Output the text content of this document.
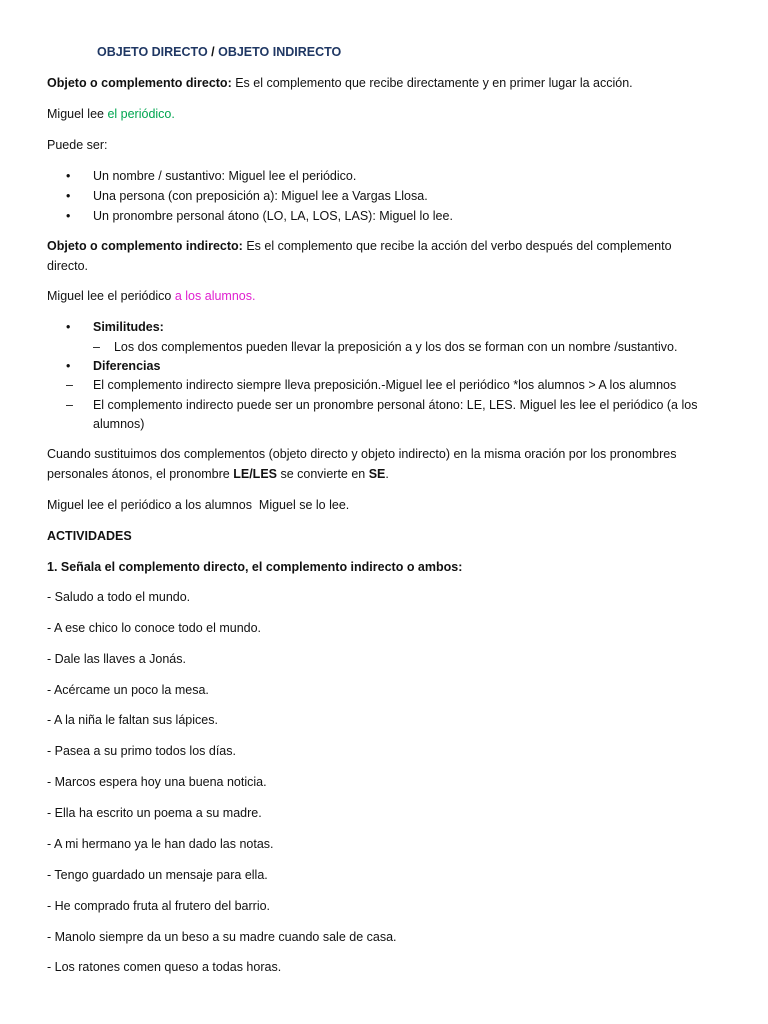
OBJETO DIRECTO / OBJETO INDIRECTO
Objeto o complemento directo: Es el complemento que recibe directamente y en primer lugar la acción.
Miguel lee el periódico.
Puede ser:
• Un nombre / sustantivo: Miguel lee el periódico.
• Una persona (con preposición a): Miguel lee a Vargas Llosa.
• Un pronombre personal átono (LO, LA, LOS, LAS): Miguel lo lee.
Objeto o complemento indirecto: Es el complemento que recibe la acción del verbo después del complemento
directo.
Miguel lee el periódico a los alumnos.
• Similitudes:
– Los dos complementos pueden llevar la preposición a y los dos se forman con un nombre /sustantivo.
• Diferencias
– El complemento indirecto siempre lleva preposición.-Miguel lee el periódico *los alumnos > A los alumnos
– El complemento indirecto puede ser un pronombre personal átono: LE, LES. Miguel les lee el periódico (a los
alumnos)
Cuando sustituimos dos complementos (objeto directo y objeto indirecto) en la misma oración por los pronombres
personales átonos, el pronombre LE/LES se convierte en SE.
Miguel lee el periódico a los alumnos  Miguel se lo lee.
ACTIVIDADES
1. Señala el complemento directo, el complemento indirecto o ambos:
- Saludo a todo el mundo.
- A ese chico lo conoce todo el mundo.
- Dale las llaves a Jonás.
- Acércame un poco la mesa.
- A la niña le faltan sus lápices.
- Pasea a su primo todos los días.
- Marcos espera hoy una buena noticia.
- Ella ha escrito un poema a su madre.
- A mi hermano ya le han dado las notas.
- Tengo guardado un mensaje para ella.
- He comprado fruta al frutero del barrio.
- Manolo siempre da un beso a su madre cuando sale de casa.
- Los ratones comen queso a todas horas.
